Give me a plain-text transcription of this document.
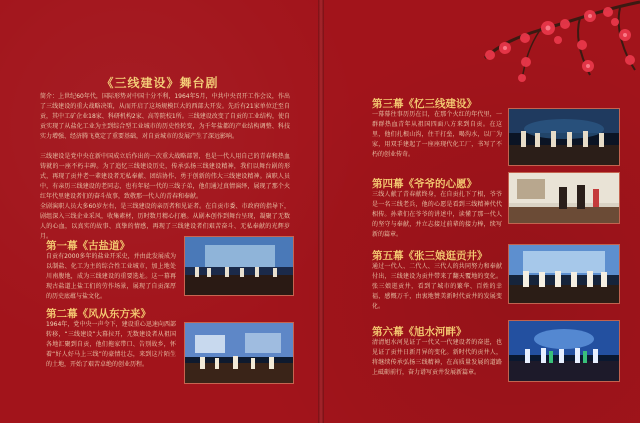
《三线建设》舞台剧
简介：上世纪60年代，国际形势对中国十分不利，1964年5月，中共中央召开工作会议，作出了三线建设的重大战略决策，从而开启了这场规模巨大的西部大开发。先后有21家单位迁至自贡，其中工矿企业18家、科研机构2家、高等院校1所。三线建设改变了自贡的工业结构，使自贡实现了从盐化工业为主到综合型工业城市的历史性转变，为千年盐都的产业结构调整、科技实力增强、经济腾飞奠定了重要基础，对自贡城市的发展产生了深远影响。
三线建设是党中央在新中国成立后作出的一次重大战略部署，也是一代人用自己的青春和热血铸就的一座不朽丰碑。为了追忆三线建设历史，传承弘扬三线建设精神，我们以舞台剧的形式，再现了贡井老一辈建设者无私奉献、团结协作、勇于创新的伟大三线建设精神。演职人员中，有亲历三线建设的老同志，也有年轻一代的三线子弟，他们通过真情演绎，展现了那个火红年代里建设者们的奋斗故事，致敬那一代人的青春和奉献。
全剧演职人员大多60岁左右，是三线建设的亲历者和见证者。在自贡市委、市政府的指导下，剧组深入三线企业采风，收集素材，历时数月精心打磨。从剧本创作到舞台呈现，凝聚了无数人的心血，以真实的故事、真挚的情感，再现了三线建设者们艰苦奋斗、无私奉献的光辉岁月。
第一幕《古盐道》
自贡有2000多年的盐业开采史，并由此发展成为以制盐、化工为主的综合性工业城市，加上地处川南腹地，成为三线建设的重要选址。这一幕再现古盐道上盐工们的劳作场景，展现了自贡深厚的历史底蕴与盐文化。
第二幕《风从东方来》
1964年，党中央一声令下，建设重心迅速向西部转移，“三线建设”大幕拉开，无数建设者从祖国各地汇聚到自贡，他们拖家带口、告别故乡，怀着“好人好马上三线”的豪情壮志，来到这片陌生的土地，开始了艰苦卓绝的创业历程。
第三幕《忆三线建设》
一幕幕往事历历在目，在那个火红的年代里，一群群热血青年从祖国四面八方来到自贡。在这里，他们扎根山沟，住干打垒，喝沟水，以厂为家，用双手建起了一座座现代化工厂，书写了不朽的创业传奇。
第四幕《爷爷的心愿》
三线人献了青春献终身，在自贡扎下了根，爷爷是一名三线老兵，他的心愿是看到三线精神代代相传。孙辈们在爷爷的讲述中，读懂了那一代人的坚守与奉献，并立志接过前辈的接力棒，续写新的篇章。
第五幕《张三娘逛贡井》
通过一代人、二代人、三代人的共同努力和奉献付出，三线建设为贡井带来了翻天覆地的变化。张三娘逛贡井，看到了城市的繁华、百姓的幸福，感慨万千，由衷地赞美新时代贡井的发展变化。
第六幕《旭水河畔》
清清旭水河见证了一代又一代建设者的奋进，也见证了贡井日新月异的变化。新时代的贡井人，将继续传承弘扬三线精神，在高质量发展的道路上砥砺前行，奋力谱写贡井发展新篇章。
